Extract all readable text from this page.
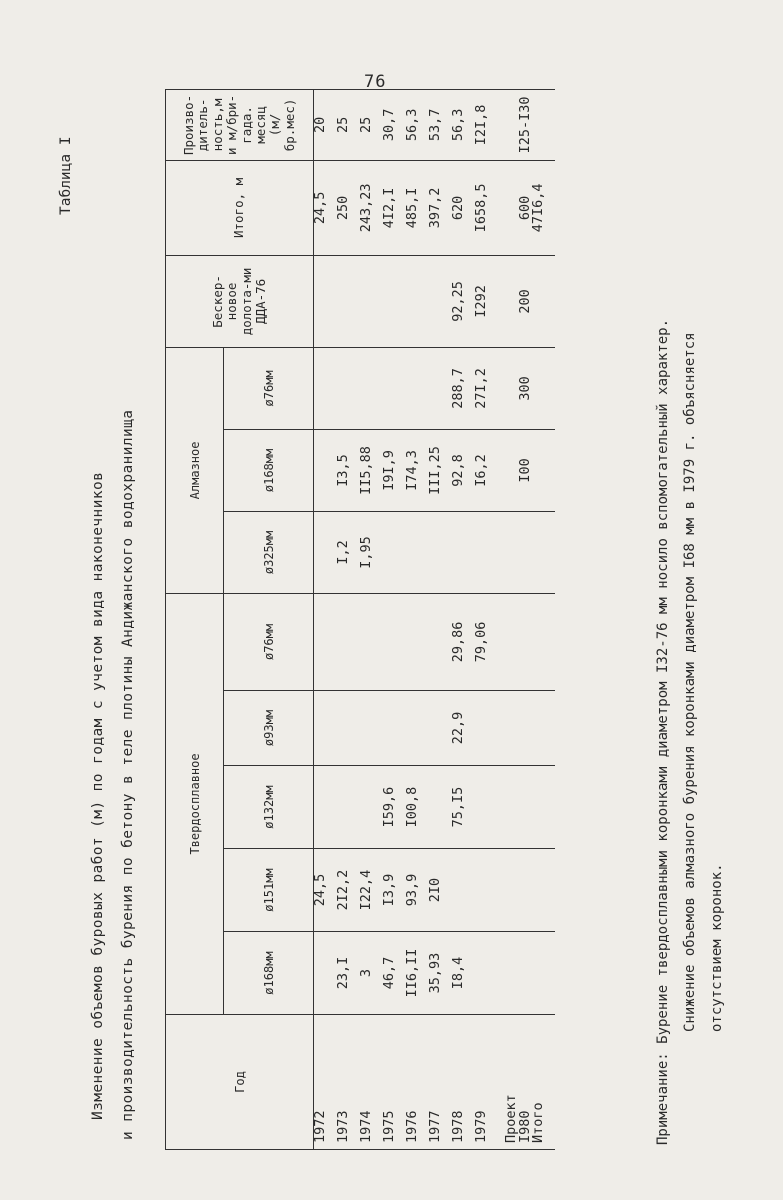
76
Таблица I
Изменение объемов буровых работ (м) по годам с учетом вида наконечников и производительность бурения по бетону в теле плотины Андижанского водохранилища	Год	Твердосплавное					Алмазное			Бескер-новое долота-ми ДДА-76	Итого, м	Произво-дитель-ность,м и м/бри-гада. месяц (м/бр.мес)
	ø168мм	ø151мм	ø132мм	ø93мм	ø76мм	ø325мм	ø168мм	ø76мм			
1972		24,5								24,5	20
1973	23,I	2I2,2				I,2	I3,5			250	25
1974	3	I22,4				I,95	II5,88			243,23	25
1975	46,7	I3,9	I59,6				I9I,9			4I2,I	30,7
1976	II6,II	93,9	I00,8				I74,3			485,I	56,3
1977	35,93	2I0					III,25			397,2	53,7
1978	I8,4		75,I5	22,9	29,86		92,8	288,7	92,25	620	56,3
1979					79,06		I6,2	27I,2	I292	I658,5	I2I,8
Проект
I980							I00	300	200	600	I25-I30
Итого										47I6,4	
Примечание: Бурение твердосплавными коронками диаметром I32-76 мм носило вспомогательный характер. Снижение объемов алмазного бурения коронками диаметром I68 мм в I979 г. объясняется отсутствием коронок.
